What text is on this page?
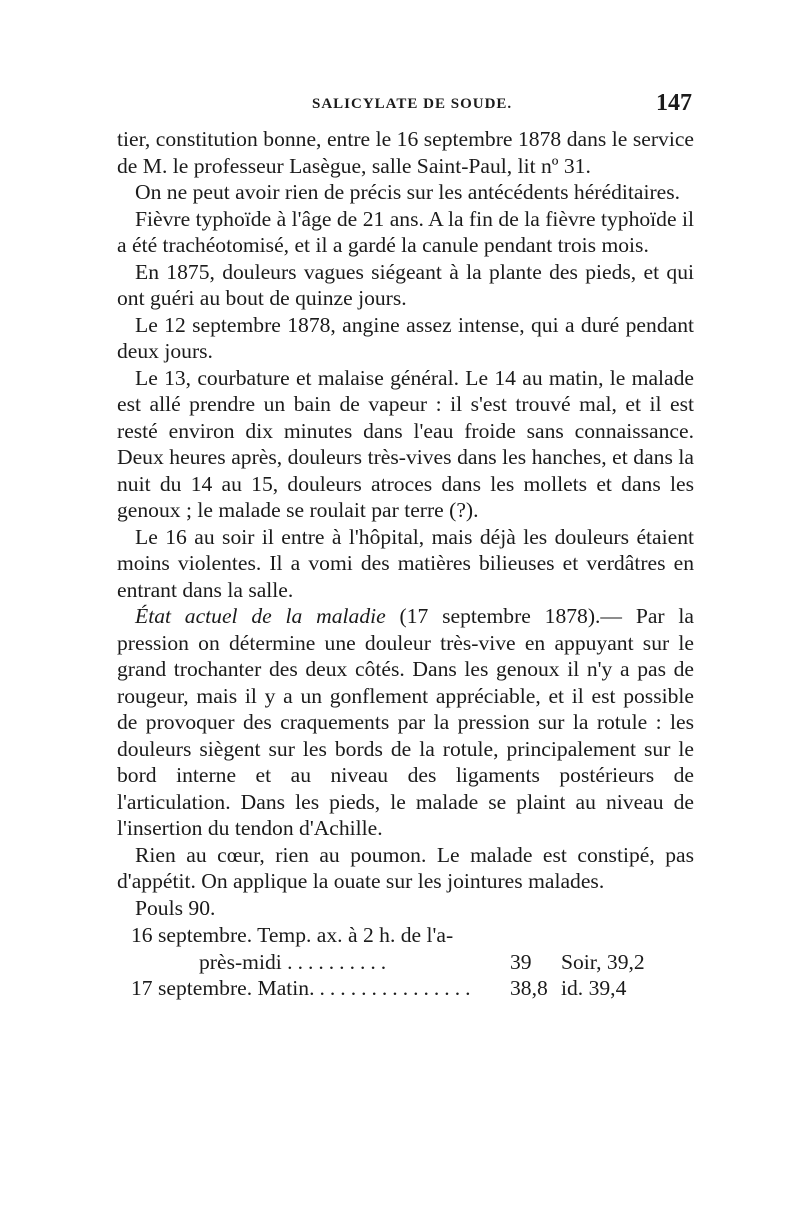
SALICYLATE DE SOUDE.	147

tier, constitution bonne, entre le 16 septembre 1878 dans le service de M. le professeur Lasègue, salle Saint-Paul, lit nº 31.

On ne peut avoir rien de précis sur les antécédents héréditaires.

Fièvre typhoïde à l'âge de 21 ans. A la fin de la fièvre typhoïde il a été trachéotomisé, et il a gardé la canule pendant trois mois.

En 1875, douleurs vagues siégeant à la plante des pieds, et qui ont guéri au bout de quinze jours.

Le 12 septembre 1878, angine assez intense, qui a duré pendant deux jours.

Le 13, courbature et malaise général. Le 14 au matin, le malade est allé prendre un bain de vapeur : il s'est trouvé mal, et il est resté environ dix minutes dans l'eau froide sans connaissance. Deux heures après, douleurs très-vives dans les hanches, et dans la nuit du 14 au 15, douleurs atroces dans les mollets et dans les genoux ; le malade se roulait par terre (?).

Le 16 au soir il entre à l'hôpital, mais déjà les douleurs étaient moins violentes. Il a vomi des matières bilieuses et verdâtres en entrant dans la salle.

État actuel de la maladie (17 septembre 1878).— Par la pression on détermine une douleur très-vive en appuyant sur le grand trochanter des deux côtés. Dans les genoux il n'y a pas de rougeur, mais il y a un gonflement appréciable, et il est possible de provoquer des craquements par la pression sur la rotule : les douleurs siègent sur les bords de la rotule, principalement sur le bord interne et au niveau des ligaments postérieurs de l'articulation. Dans les pieds, le malade se plaint au niveau de l'insertion du tendon d'Achille.

Rien au cœur, rien au poumon. Le malade est constipé, pas d'appétit. On applique la ouate sur les jointures malades.

Pouls 90.

16 septembre. Temp. ax. à 2 h. de l'a-
près-midi ..........	39 Soir, 39,2
17 septembre. Matin................ 38,8 id. 39,4
